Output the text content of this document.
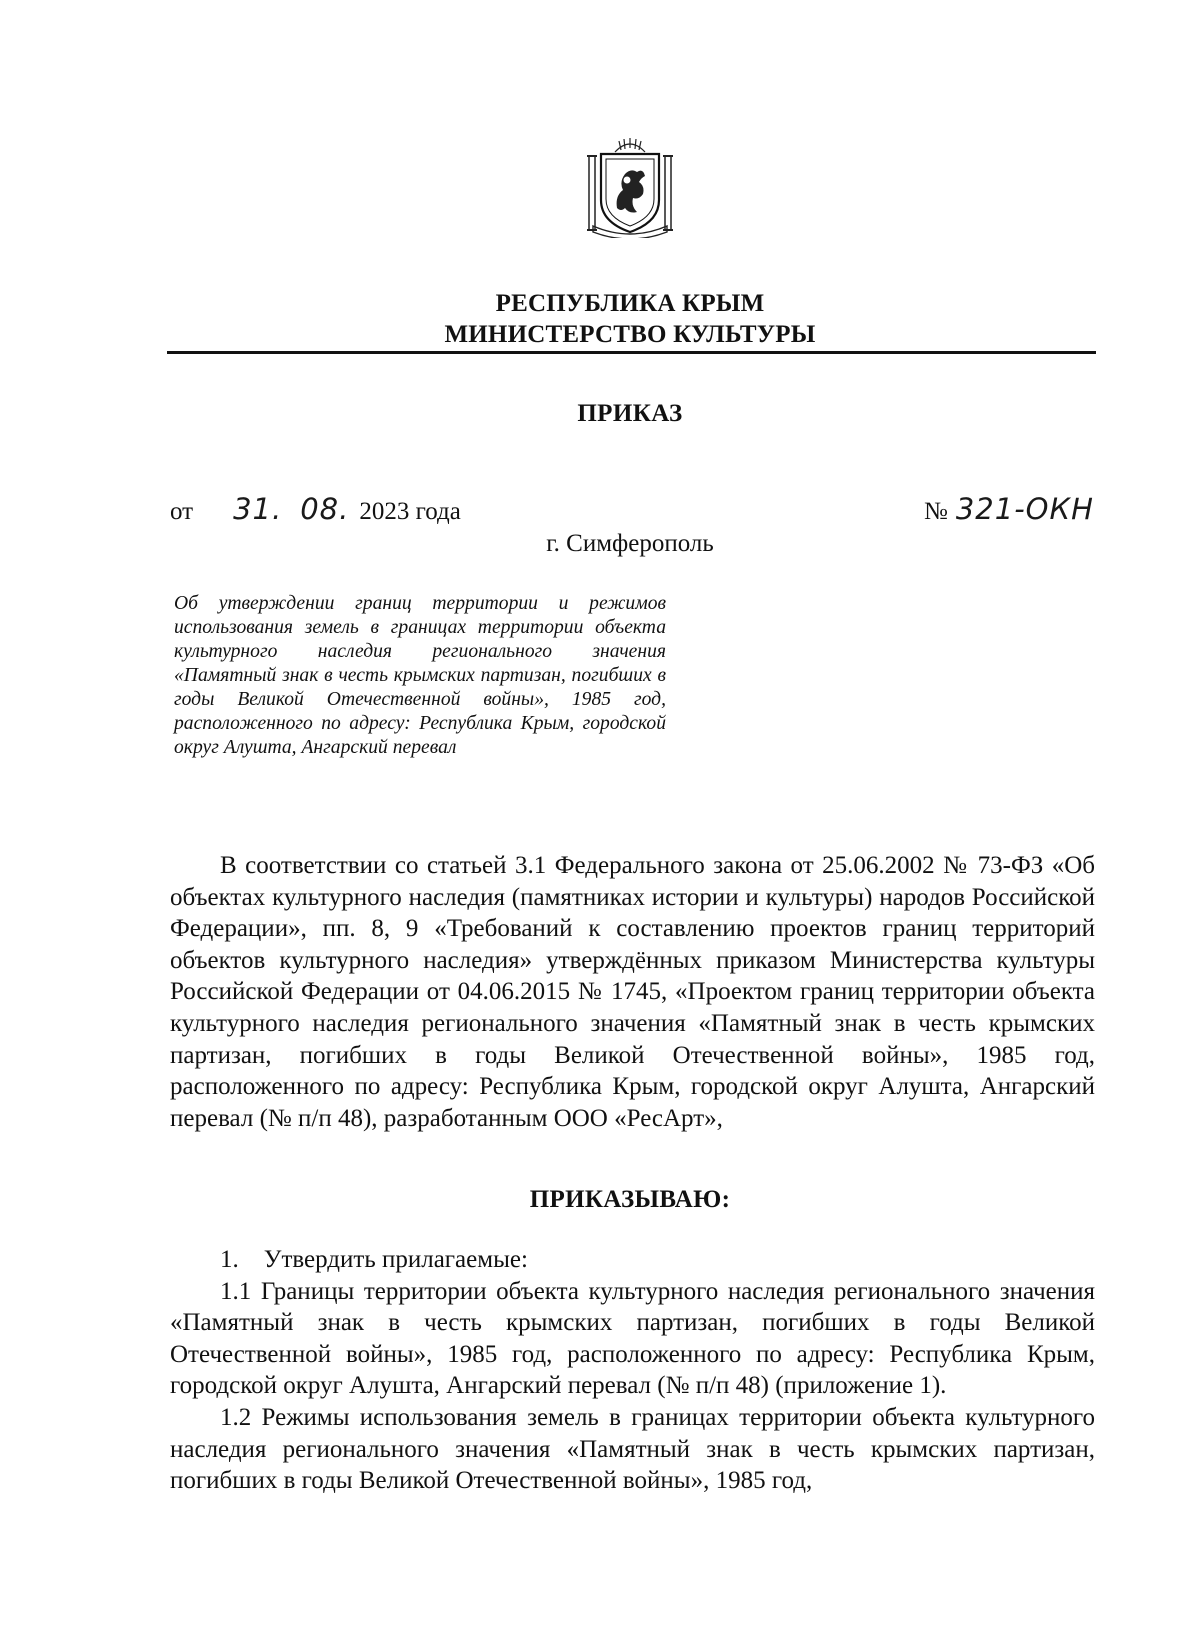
РЕСПУБЛИКА КРЫМ
МИНИСТЕРСТВО КУЛЬТУРЫ
ПРИКАЗ
от 31. 08. 2023 года	№ 321-ОКН
г. Симферополь
Об утверждении границ территории и режимов использования земель в границах территории объекта культурного наследия регионального значения «Памятный знак в честь крымских партизан, погибших в годы Великой Отечественной войны», 1985 год, расположенного по адресу: Республика Крым, городской округ Алушта, Ангарский перевал
В соответствии со статьей 3.1 Федерального закона от 25.06.2002 № 73-ФЗ «Об объектах культурного наследия (памятниках истории и культуры) народов Российской Федерации», пп. 8, 9 «Требований к составлению проектов границ территорий объектов культурного наследия» утверждённых приказом Министерства культуры Российской Федерации от 04.06.2015 № 1745, «Проектом границ территории объекта культурного наследия регионального значения «Памятный знак в честь крымских партизан, погибших в годы Великой Отечественной войны», 1985 год, расположенного по адресу: Республика Крым, городской округ Алушта, Ангарский перевал (№ п/п 48), разработанным ООО «РесАрт»,
ПРИКАЗЫВАЮ:

1.    Утвердить прилагаемые:

1.1 Границы территории объекта культурного наследия регионального значения «Памятный знак в честь крымских партизан, погибших в годы Великой Отечественной войны», 1985 год, расположенного по адресу: Республика Крым, городской округ Алушта, Ангарский перевал (№ п/п 48) (приложение 1).

1.2 Режимы использования земель в границах территории объекта культурного наследия регионального значения «Памятный знак в честь крымских партизан, погибших в годы Великой Отечественной войны», 1985 год,
